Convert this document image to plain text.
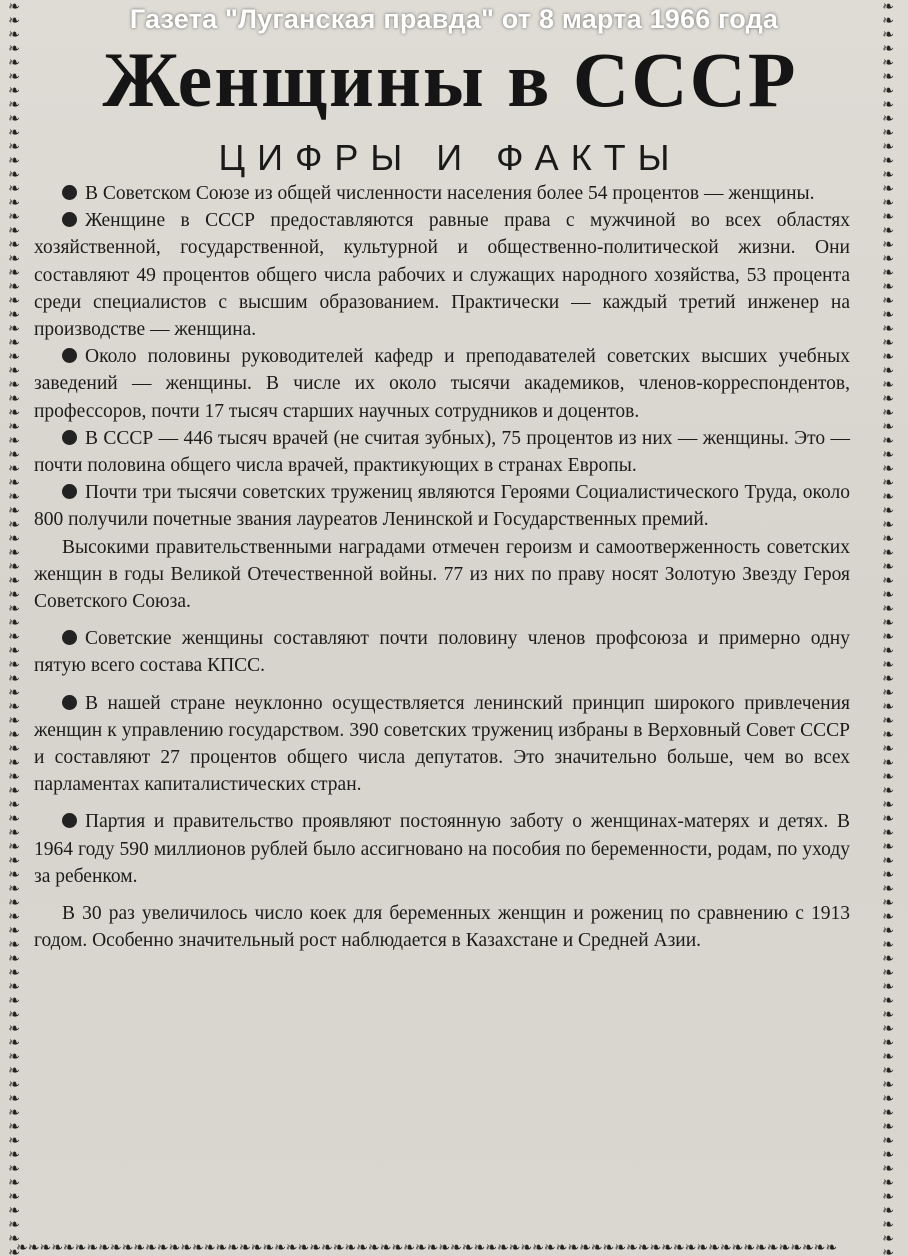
❧
❧
❧
❧
❧
❧
❧
❧
❧
❧
❧
❧
❧
❧
❧
❧
❧
❧
❧
❧
❧
❧
❧
❧
❧
❧
❧
❧
❧
❧
❧
❧
❧
❧
❧
❧
❧
❧
❧
❧
❧
❧
❧
❧
❧
❧
❧
❧
❧
❧
❧
❧
❧
❧
❧
❧
❧
❧
❧
❧
❧
❧
❧
❧
❧
❧
❧
❧
❧
❧
❧
❧
❧
❧
❧
❧
❧
❧
❧
❧
❧
❧
❧
❧
❧
❧
❧
❧
❧
❧
❧
❧
❧
❧
❧
❧
❧
❧
❧
❧
❧
❧
❧
❧
❧
❧
❧
❧
❧
❧
❧
❧
❧
❧
❧
❧
❧
❧
❧
❧
❧
❧
❧
❧
❧
❧
❧
❧
❧
❧
❧
❧
❧
❧
❧
❧
❧
❧
❧
❧
❧
❧
❧
❧
❧
❧
❧
❧
❧
❧
❧
❧
❧
❧
❧
❧
❧
❧
❧
❧
❧
❧
❧
❧
❧
❧
❧
❧
❧
❧
❧
❧
❧
❧
❧
❧
❧
❧
❧
❧
❧❧❧❧❧❧❧❧❧❧❧❧❧❧❧❧❧❧❧❧❧❧❧❧❧❧❧❧❧❧❧❧❧❧❧❧❧❧❧❧❧❧❧❧❧❧❧❧❧❧❧❧❧❧❧❧❧❧❧❧❧❧❧❧❧❧❧❧❧❧
Газета "Луганская правда" от 8 марта 1966 года
Женщины в СССР
ЦИФРЫ И ФАКТЫ

В Советском Союзе из общей численности населения более 54 процентов — женщины.

Женщине в СССР предоставляются равные права с мужчиной во всех областях хозяйственной, государственной, культурной и общественно-политической жизни. Они составляют 49 процентов общего числа рабочих и служащих народного хозяйства, 53 процента среди специалистов с высшим образованием. Практически — каждый третий инженер на производстве — женщина.

Около половины руководителей кафедр и преподавателей советских высших учебных заведений — женщины. В числе их около тысячи академиков, членов-корреспондентов, профессоров, почти 17 тысяч старших научных сотрудников и доцентов.

В СССР — 446 тысяч врачей (не считая зубных), 75 процентов из них — женщины. Это — почти половина общего числа врачей, практикующих в странах Европы.

Почти три тысячи советских тружениц являются Героями Социалистического Труда, около 800 получили почетные звания лауреатов Ленинской и Государственных премий.

Высокими правительственными наградами отмечен героизм и самоотверженность советских женщин в годы Великой Отечественной войны. 77 из них по праву носят Золотую Звезду Героя Советского Союза.

Советские женщины составляют почти половину членов профсоюза и примерно одну пятую всего состава КПСС.

В нашей стране неуклонно осуществляется ленинский принцип широкого привлечения женщин к управлению государством. 390 советских тружениц избраны в Верховный Совет СССР и составляют 27 процентов общего числа депутатов. Это значительно больше, чем во всех парламентах капиталистических стран.

Партия и правительство проявляют постоянную заботу о женщинах-матерях и детях. В 1964 году 590 миллионов рублей было ассигновано на пособия по беременности, родам, по уходу за ребенком.

В 30 раз увеличилось число коек для беременных женщин и рожениц по сравнению с 1913 годом. Особенно значительный рост наблюдается в Казахстане и Средней Азии.
